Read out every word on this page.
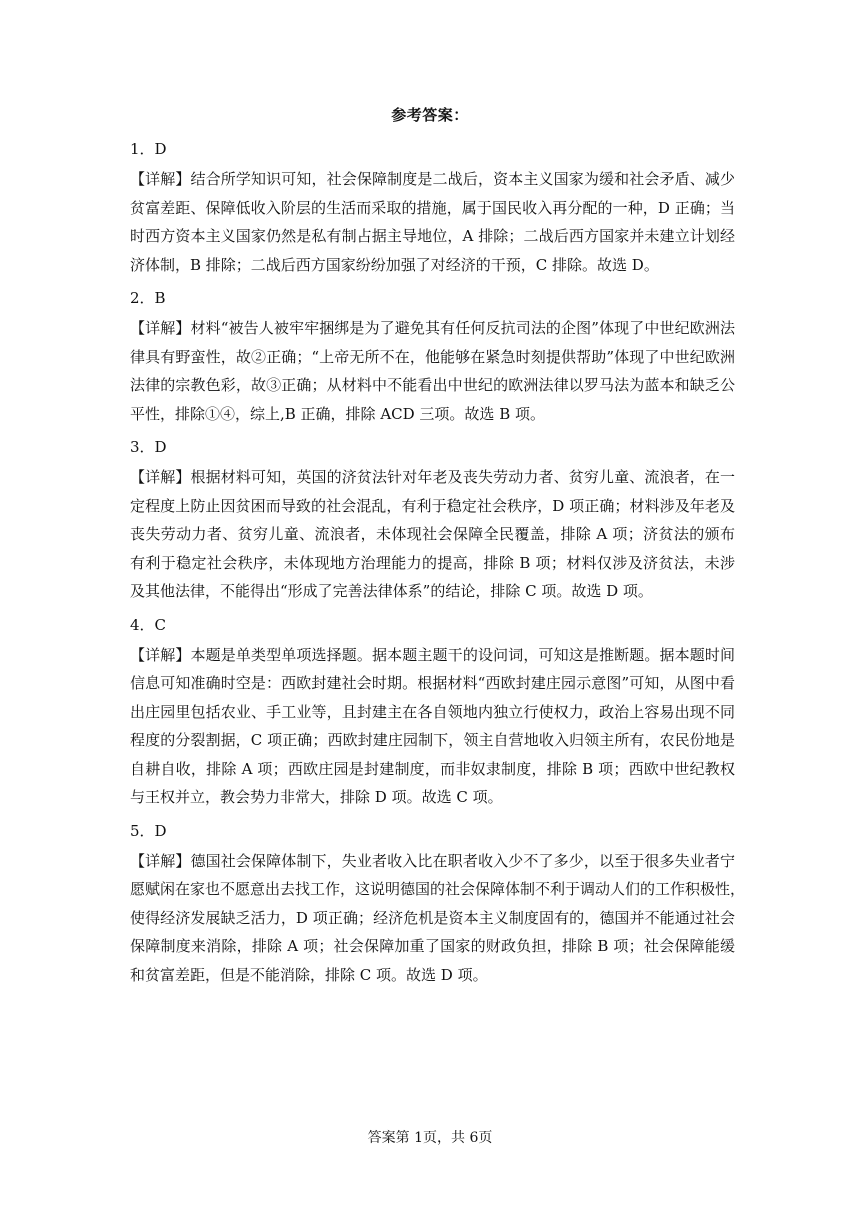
参考答案：
1．D
【详解】结合所学知识可知，社会保障制度是二战后，资本主义国家为缓和社会矛盾、减少
贫富差距、保障低收入阶层的生活而采取的措施，属于国民收入再分配的一种，D 正确；当
时西方资本主义国家仍然是私有制占据主导地位，A 排除；二战后西方国家并未建立计划经
济体制，B 排除；二战后西方国家纷纷加强了对经济的干预，C 排除。故选 D。
2．B
【详解】材料“被告人被牢牢捆绑是为了避免其有任何反抗司法的企图”体现了中世纪欧洲法
律具有野蛮性，故②正确；“上帝无所不在，他能够在紧急时刻提供帮助”体现了中世纪欧洲
法律的宗教色彩，故③正确；从材料中不能看出中世纪的欧洲法律以罗马法为蓝本和缺乏公
平性，排除①④，综上,B 正确，排除 ACD 三项。故选 B 项。
3．D
【详解】根据材料可知，英国的济贫法针对年老及丧失劳动力者、贫穷儿童、流浪者，在一
定程度上防止因贫困而导致的社会混乱，有利于稳定社会秩序，D 项正确；材料涉及年老及
丧失劳动力者、贫穷儿童、流浪者，未体现社会保障全民覆盖，排除 A 项；济贫法的颁布
有利于稳定社会秩序，未体现地方治理能力的提高，排除 B 项；材料仅涉及济贫法，未涉
及其他法律，不能得出“形成了完善法律体系”的结论，排除 C 项。故选 D 项。
4．C
【详解】本题是单类型单项选择题。据本题主题干的设问词，可知这是推断题。据本题时间
信息可知准确时空是：西欧封建社会时期。根据材料“西欧封建庄园示意图”可知，从图中看
出庄园里包括农业、手工业等，且封建主在各自领地内独立行使权力，政治上容易出现不同
程度的分裂割据，C 项正确；西欧封建庄园制下，领主自营地收入归领主所有，农民份地是
自耕自收，排除 A 项；西欧庄园是封建制度，而非奴隶制度，排除 B 项；西欧中世纪教权
与王权并立，教会势力非常大，排除 D 项。故选 C 项。
5．D
【详解】德国社会保障体制下，失业者收入比在职者收入少不了多少，以至于很多失业者宁
愿赋闲在家也不愿意出去找工作，这说明德国的社会保障体制不利于调动人们的工作积极性，
使得经济发展缺乏活力，D 项正确；经济危机是资本主义制度固有的，德国并不能通过社会
保障制度来消除，排除 A 项；社会保障加重了国家的财政负担，排除 B 项；社会保障能缓
和贫富差距，但是不能消除，排除 C 项。故选 D 项。
答案第 1页，共 6页
